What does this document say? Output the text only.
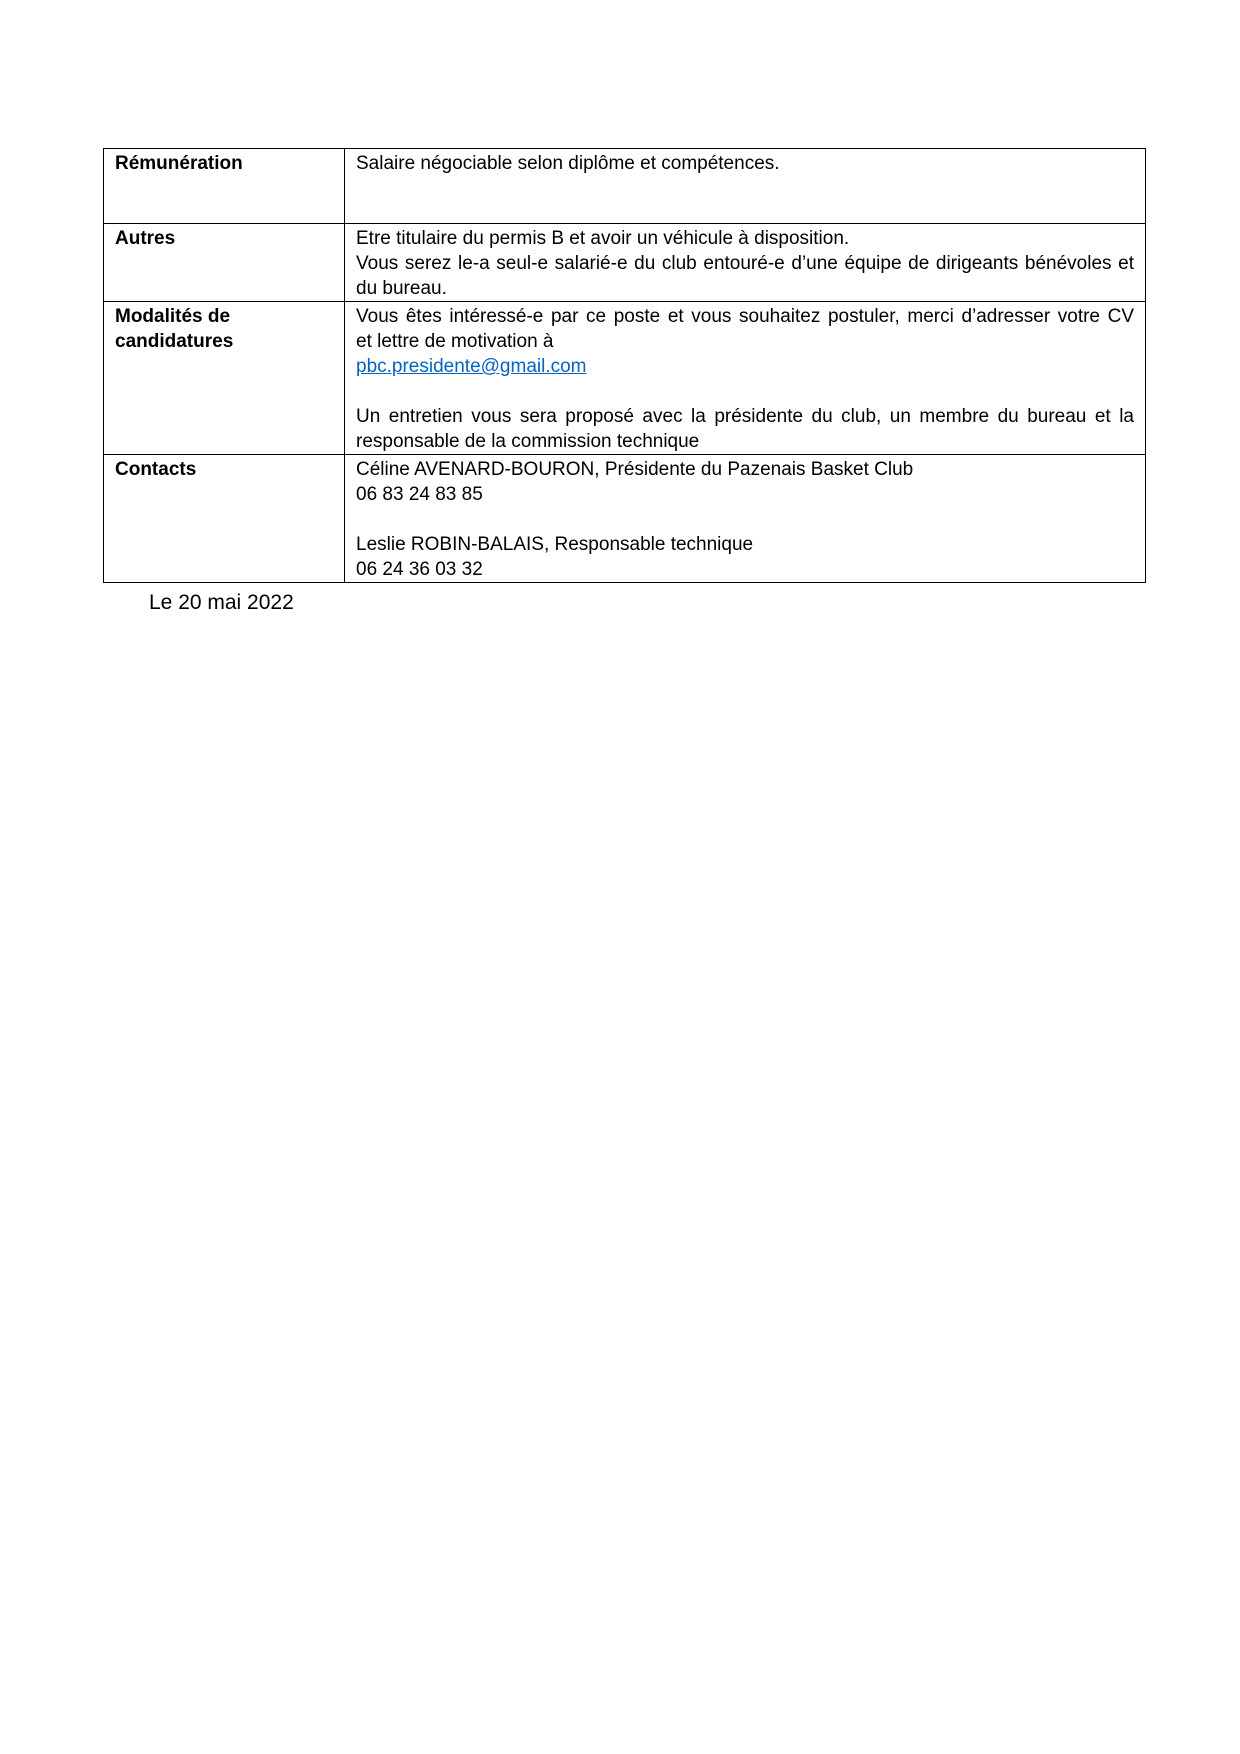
Rémunération	Salaire négociable selon diplôme et compétences.

Autres	Etre titulaire du permis B et avoir un véhicule à disposition.
Vous serez le-a seul-e salarié-e du club entouré-e d’une équipe de dirigeants bénévoles et
du bureau.

Modalités de
candidatures	Vous êtes intéressé-e par ce poste et vous souhaitez postuler, merci d’adresser votre CV
et lettre de motivation à
pbc.presidente@gmail.com
Un entretien vous sera proposé avec la présidente du club, un membre du bureau et la
responsable de la commission technique

Contacts	Céline AVENARD-BOURON, Présidente du Pazenais Basket Club
06 83 24 83 85
Leslie ROBIN-BALAIS, Responsable technique
06 24 36 03 32
Le 20 mai 2022
